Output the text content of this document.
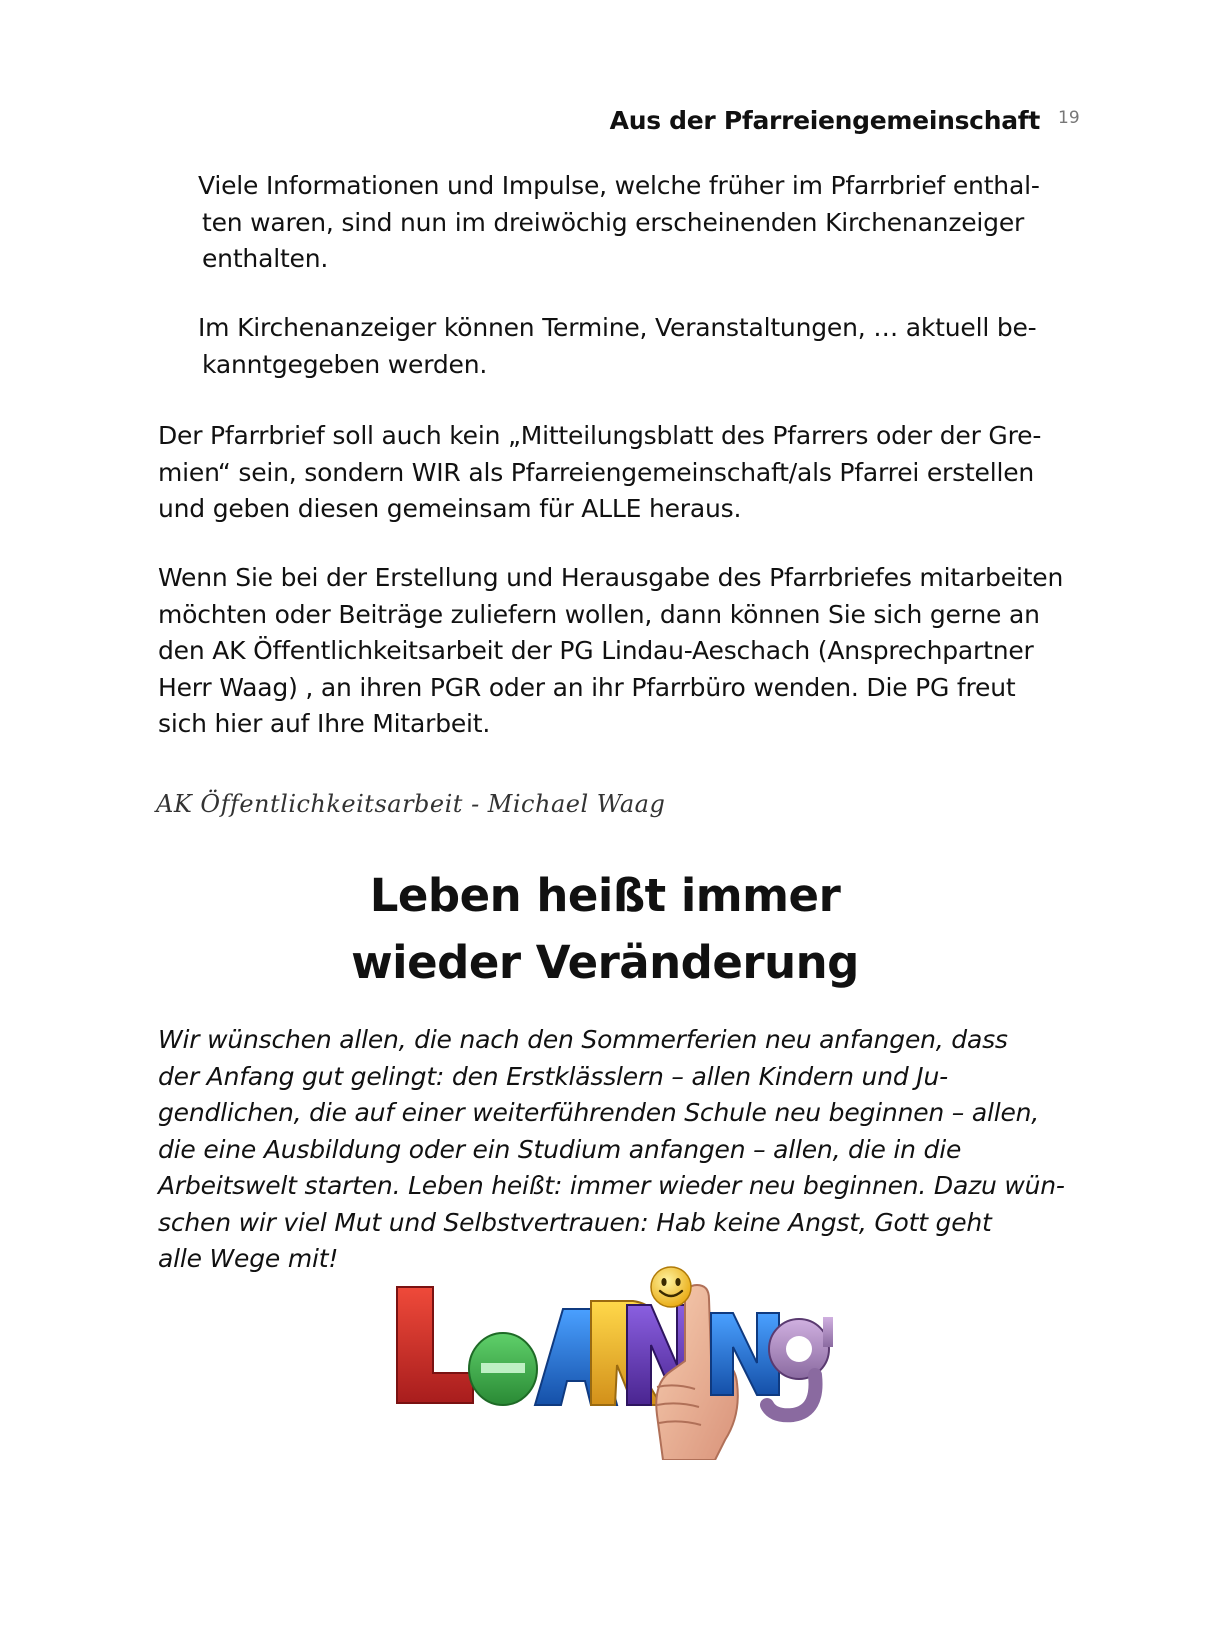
Aus der Pfarreiengemeinschaft 19

Viele Informationen und Impulse, welche früher im Pfarrbrief enthal-
ten waren, sind nun im dreiwöchig erscheinenden Kirchenanzeiger
enthalten.

Im Kirchenanzeiger können Termine, Veranstaltungen, … aktuell be-
kanntgegeben werden.

Der Pfarrbrief soll auch kein „Mitteilungsblatt des Pfarrers oder der Gre-
mien“ sein, sondern WIR als Pfarreiengemeinschaft/als Pfarrei erstellen
und geben diesen gemeinsam für ALLE heraus.

Wenn Sie bei der Erstellung und Herausgabe des Pfarrbriefes mitarbeiten
möchten oder Beiträge zuliefern wollen, dann können Sie sich gerne an
den AK Öffentlichkeitsarbeit der PG Lindau-Aeschach (Ansprechpartner
Herr Waag) , an ihren PGR oder an ihr Pfarrbüro wenden. Die PG freut
sich hier auf Ihre Mitarbeit.

AK Öffentlichkeitsarbeit - Michael Waag
Leben heißt immer
wieder Veränderung

Wir wünschen allen, die nach den Sommerferien neu anfangen, dass
der Anfang gut gelingt: den Erstklässlern – allen Kindern und Ju-
gendlichen, die auf einer weiterführenden Schule neu beginnen – allen,
die eine Ausbildung oder ein Studium anfangen – allen, die in die
Arbeitswelt starten. Leben heißt: immer wieder neu beginnen. Dazu wün-
schen wir viel Mut und Selbstvertrauen: Hab keine Angst, Gott geht
alle Wege mit!
